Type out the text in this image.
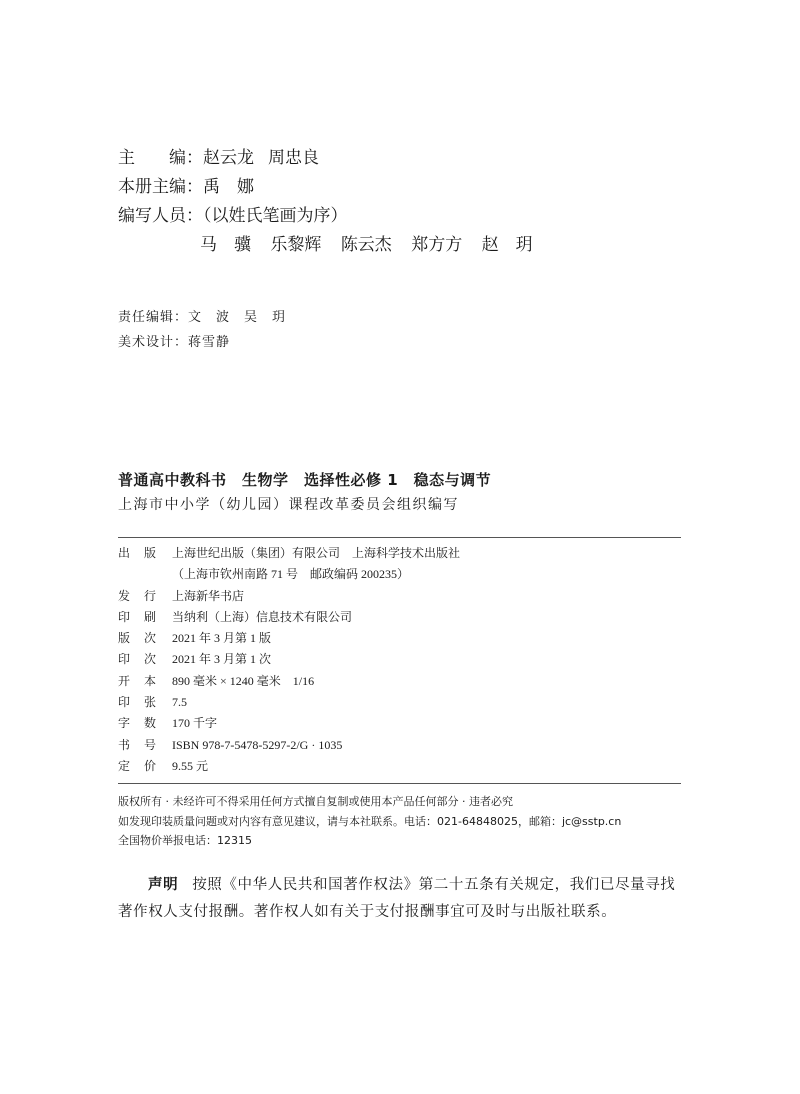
主　　编：赵云龙 周忠良
本册主编：禹　娜
编写人员：（以姓氏笔画为序）
马　骥 乐黎辉 陈云杰 郑方方 赵　玥
责任编辑：文　波　吴　玥
美术设计：蒋雪静
普通高中教科书　生物学　选择性必修 1　稳态与调节
上海市中小学（幼儿园）课程改革委员会组织编写
出 版 上海世纪出版（集团）有限公司　上海科学技术出版社
（上海市钦州南路 71 号　邮政编码 200235）
发 行 上海新华书店
印 刷 当纳利（上海）信息技术有限公司
版 次 2021 年 3 月第 1 版
印 次 2021 年 3 月第 1 次
开 本 890 毫米 × 1240 毫米　1/16
印 张 7.5
字 数 170 千字
书 号 ISBN 978-7-5478-5297-2/G · 1035
定 价 9.55 元
版权所有 · 未经许可不得采用任何方式擅自复制或使用本产品任何部分 · 违者必究
如发现印装质量问题或对内容有意见建议，请与本社联系。电话：021-64848025，邮箱：jc@sstp.cn
全国物价举报电话：12315
声明 按照《中华人民共和国著作权法》第二十五条有关规定，我们已尽量寻找著作权人支付报酬。著作权人如有关于支付报酬事宜可及时与出版社联系。
